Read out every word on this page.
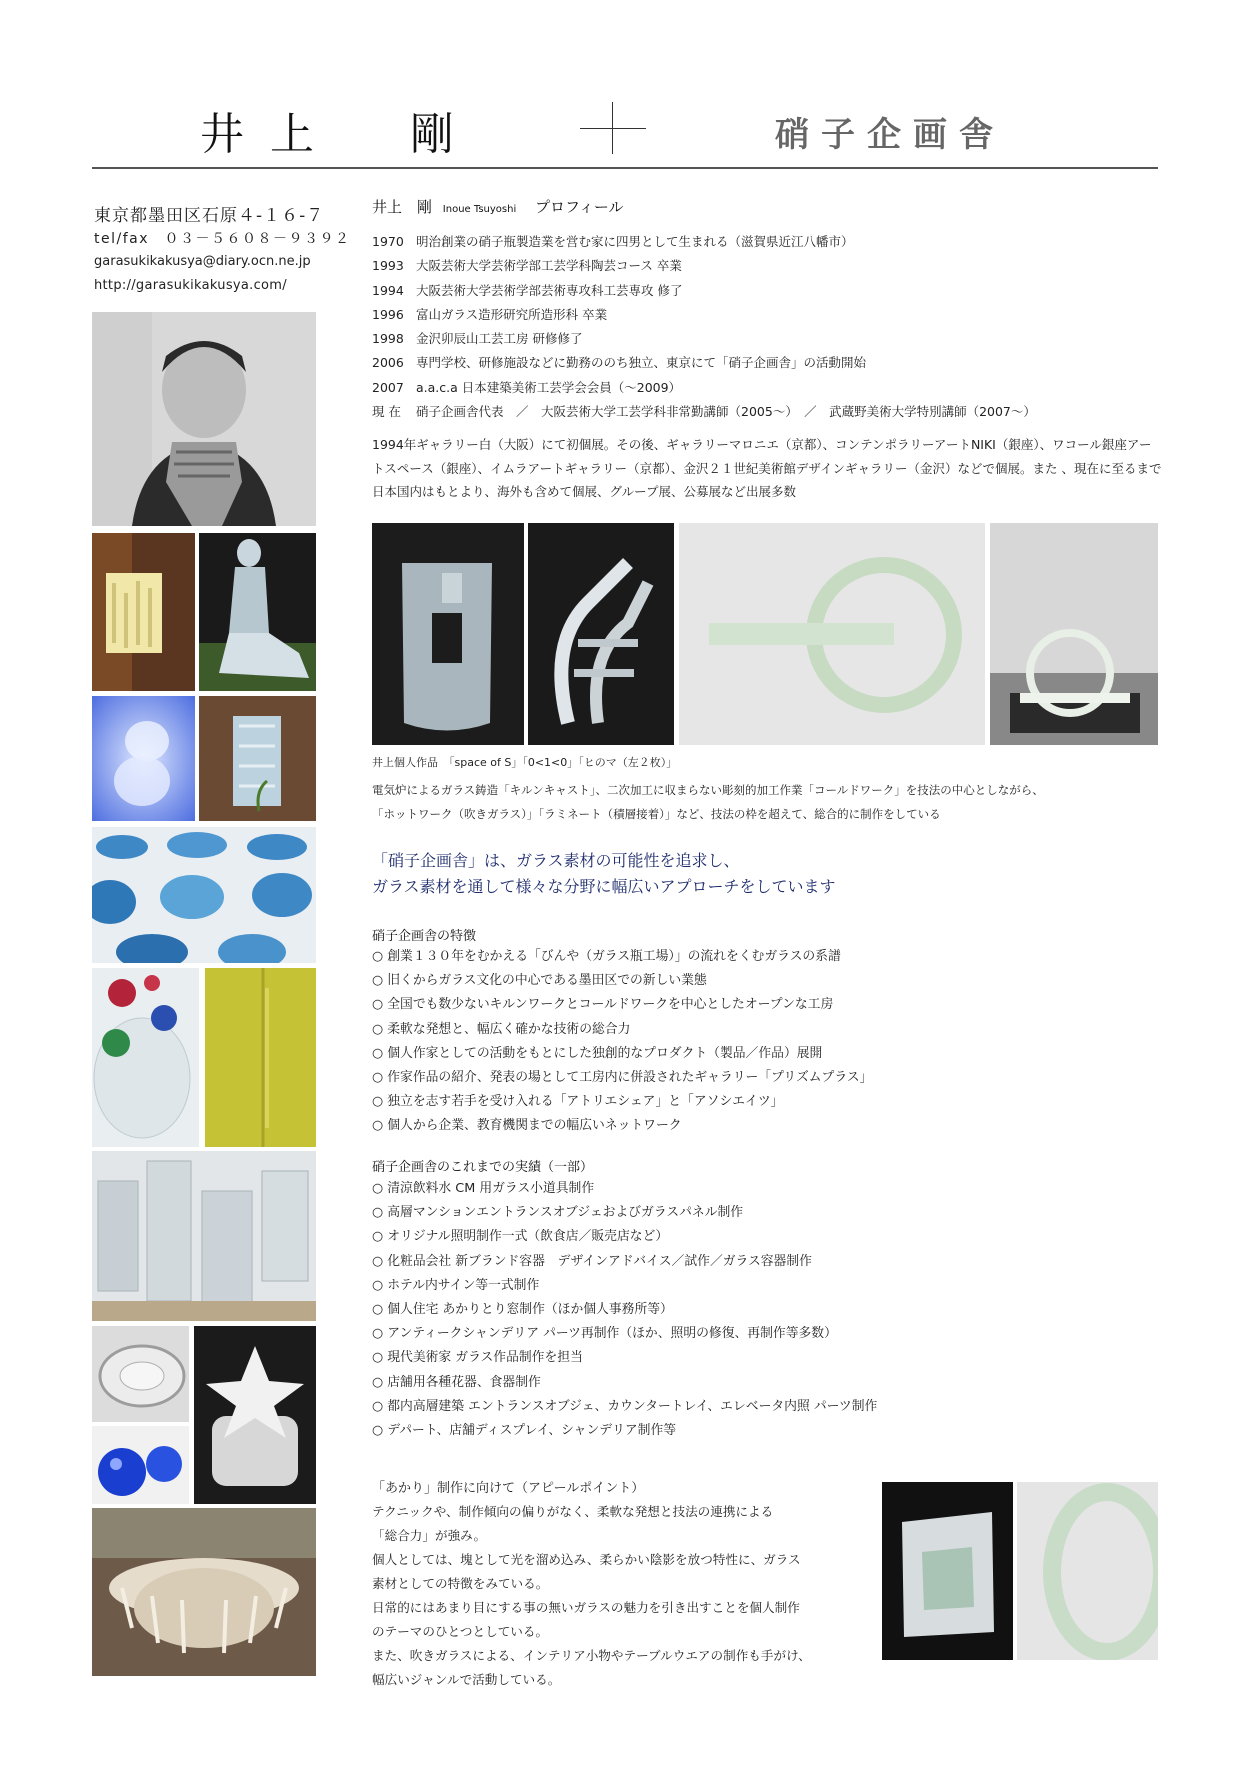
井上　剛	硝子企画舎
東京都墨田区石原４-１６-７
tel/fax　０３－５６０８－９３９２
garasukikakusya@diary.ocn.ne.jp
http://garasukikakusya.com/
井上　剛 Inoue Tsuyoshi プロフィール
1970 明治創業の硝子瓶製造業を営む家に四男として生まれる（滋賀県近江八幡市）
1993 大阪芸術大学芸術学部工芸学科陶芸コース 卒業
1994 大阪芸術大学芸術学部芸術専攻科工芸専攻 修了
1996 富山ガラス造形研究所造形科 卒業
1998 金沢卯辰山工芸工房 研修修了
2006 専門学校、研修施設などに勤務ののち独立、東京にて「硝子企画舎」の活動開始
2007 a.a.c.a 日本建築美術工芸学会会員（～2009）
現 在 硝子企画舎代表　／　大阪芸術大学工芸学科非常勤講師（2005～）　／　武蔵野美術大学特別講師（2007～）
1994年ギャラリー白（大阪）にて初個展。その後、ギャラリーマロニエ（京都）、コンテンポラリーアートNIKI（銀座）、ワコール銀座アートスペース（銀座）、イムラアートギャラリー（京都）、金沢２１世紀美術館デザインギャラリー（金沢）などで個展。また 、現在に至るまで日本国内はもとより、海外も含めて個展、グループ展、公募展など出展多数
井上個人作品　「space of S」「0<1<0」「ヒのマ（左２枚）」
電気炉によるガラス鋳造「キルンキャスト」、二次加工に収まらない彫刻的加工作業「コールドワーク」を技法の中心としながら、
「ホットワーク（吹きガラス）」「ラミネート（積層接着）」など、技法の枠を超えて、総合的に制作をしている
「硝子企画舎」は、ガラス素材の可能性を追求し、
ガラス素材を通して様々な分野に幅広いアプローチをしています
硝子企画舎の特徴
○ 創業１３０年をむかえる「びんや（ガラス瓶工場）」の流れをくむガラスの系譜
○ 旧くからガラス文化の中心である墨田区での新しい業態
○ 全国でも数少ないキルンワークとコールドワークを中心としたオープンな工房
○ 柔軟な発想と、幅広く確かな技術の総合力
○ 個人作家としての活動をもとにした独創的なプロダクト（製品／作品）展開
○ 作家作品の紹介、発表の場として工房内に併設されたギャラリー「プリズムプラス」
○ 独立を志す若手を受け入れる「アトリエシェア」と「アソシエイツ」
○ 個人から企業、教育機関までの幅広いネットワーク
硝子企画舎のこれまでの実績（一部）
○ 清涼飲料水 CM 用ガラス小道具制作
○ 高層マンションエントランスオブジェおよびガラスパネル制作
○ オリジナル照明制作一式（飲食店／販売店など）
○ 化粧品会社 新ブランド容器　デザインアドバイス／試作／ガラス容器制作
○ ホテル内サイン等一式制作
○ 個人住宅 あかりとり窓制作（ほか個人事務所等）
○ アンティークシャンデリア パーツ再制作（ほか、照明の修復、再制作等多数）
○ 現代美術家 ガラス作品制作を担当
○ 店舗用各種花器、食器制作
○ 都内高層建築 エントランスオブジェ、カウンタートレイ、エレベータ内照 パーツ制作
○ デパート、店舗ディスプレイ、シャンデリア制作等
「あかり」制作に向けて（アピールポイント）
テクニックや、制作傾向の偏りがなく、柔軟な発想と技法の連携による
「総合力」が強み。
個人としては、塊として光を溜め込み、柔らかい陰影を放つ特性に、ガラス
素材としての特徴をみている。
日常的にはあまり目にする事の無いガラスの魅力を引き出すことを個人制作
のテーマのひとつとしている。
また、吹きガラスによる、インテリア小物やテーブルウエアの制作も手がけ、
幅広いジャンルで活動している。
